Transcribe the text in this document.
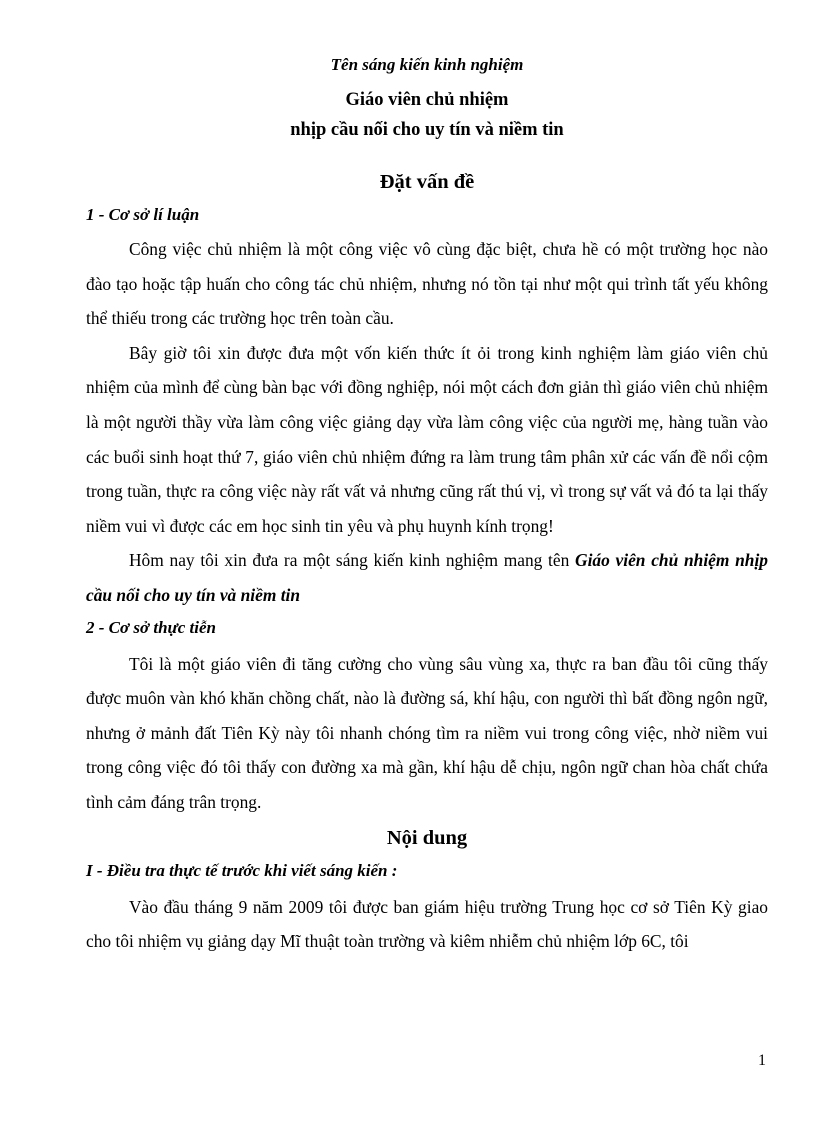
Tên sáng kiến kinh nghiệm

Giáo viên chủ nhiệm

nhịp cầu nối cho uy tín và niềm tin

Đặt vấn đề

1 - Cơ sở lí luận

Công việc chủ nhiệm là một công việc vô cùng đặc biệt, chưa hề có một trường học nào đào tạo hoặc tập huấn cho công tác chủ nhiệm, nhưng nó tồn tại như một qui trình tất yếu không thể thiếu trong các trường học trên toàn cầu.

Bây giờ tôi xin được đưa một vốn kiến thức ít ỏi trong kinh nghiệm làm giáo viên chủ nhiệm của mình để cùng bàn bạc với đồng nghiệp, nói một cách đơn giản thì giáo viên chủ nhiệm là một người thầy vừa làm công việc giảng dạy vừa làm công việc của người mẹ, hàng tuần vào các buổi sinh hoạt thứ 7, giáo viên chủ nhiệm đứng ra làm trung tâm phân xử các vấn đề nổi cộm trong tuần, thực ra công việc này rất vất vả nhưng cũng rất thú vị, vì trong sự vất vả đó ta lại thấy niềm vui vì được các em học sinh tin yêu và phụ huynh kính trọng!

Hôm nay tôi xin đưa ra một sáng kiến kinh nghiệm mang tên Giáo viên chủ nhiệm nhịp cầu nối cho uy tín và niềm tin

2 - Cơ sở thực tiễn

Tôi là một giáo viên đi tăng cường cho vùng sâu vùng xa, thực ra ban đầu tôi cũng thấy được muôn vàn khó khăn chồng chất, nào là đường sá, khí hậu, con người thì bất đồng ngôn ngữ, nhưng ở mảnh đất Tiên Kỳ này tôi nhanh chóng tìm ra niềm vui trong công việc, nhờ niềm vui trong công việc đó tôi thấy con đường xa mà gần, khí hậu dễ chịu, ngôn ngữ chan hòa chất chứa tình cảm đáng trân trọng.

Nội dung

I - Điều tra thực tế trước khi viết sáng kiến :

Vào đầu tháng 9 năm 2009 tôi được ban giám hiệu trường Trung học cơ sở Tiên Kỳ giao cho tôi nhiệm vụ giảng dạy Mĩ thuật toàn trường và kiêm nhiễm chủ nhiệm lớp 6C, tôi

1
